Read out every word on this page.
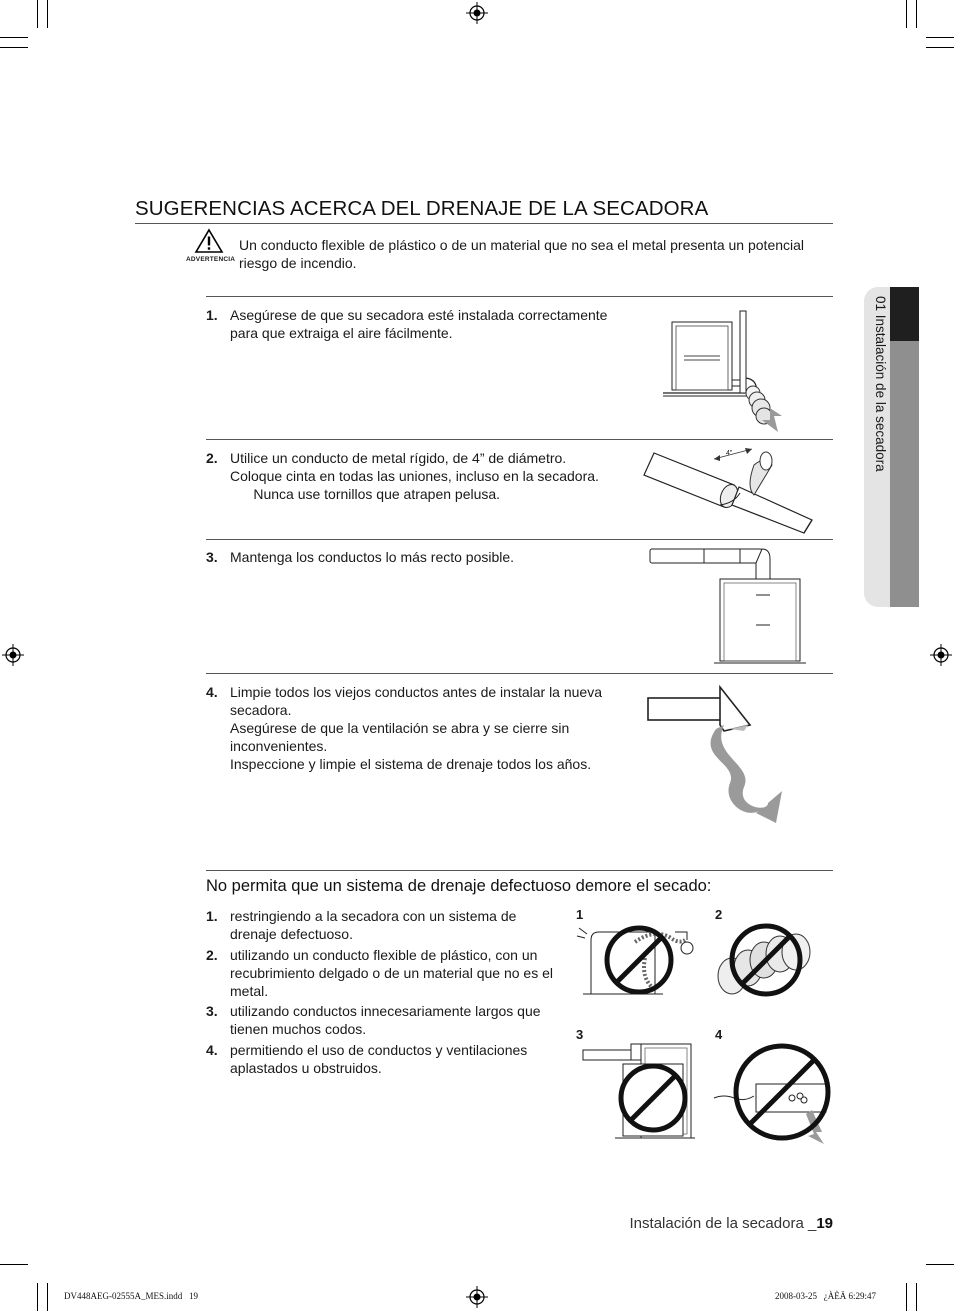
01 Instalación de la secadora
SUGERENCIAS ACERCA DEL DRENAJE DE LA SECADORA
ADVERTENCIA
Un conducto flexible de plástico o de un material que no sea el metal presenta un potencial
riesgo de incendio.
1. Asegúrese de que su secadora esté instalada correctamente
para que extraiga el aire fácilmente.
2. Utilice un conducto de metal rígido, de 4” de diámetro.
Coloque cinta en todas las uniones, incluso en la secadora.
Nunca use tornillos que atrapen pelusa.
4"
3. Mantenga los conductos lo más recto posible.
4. Limpie todos los viejos conductos antes de instalar la nueva
secadora.
Asegúrese de que la ventilación se abra y se cierre sin
inconvenientes.
Inspeccione y limpie el sistema de drenaje todos los años.
No permita que un sistema de drenaje defectuoso demore el secado:
1. restringiendo a la secadora con un sistema de
drenaje defectuoso.
2. utilizando un conducto flexible de plástico, con un
recubrimiento delgado o de un material que no es el
metal.
3. utilizando conductos innecesariamente largos que
tienen muchos codos.
4. permitiendo el uso de conductos y ventilaciones
aplastados u obstruidos.
1	2
3	4
Instalación de la secadora _19
DV448AEG-02555A_MES.indd   19	2008-03-25   ¿ÀÈÄ 6:29:47
